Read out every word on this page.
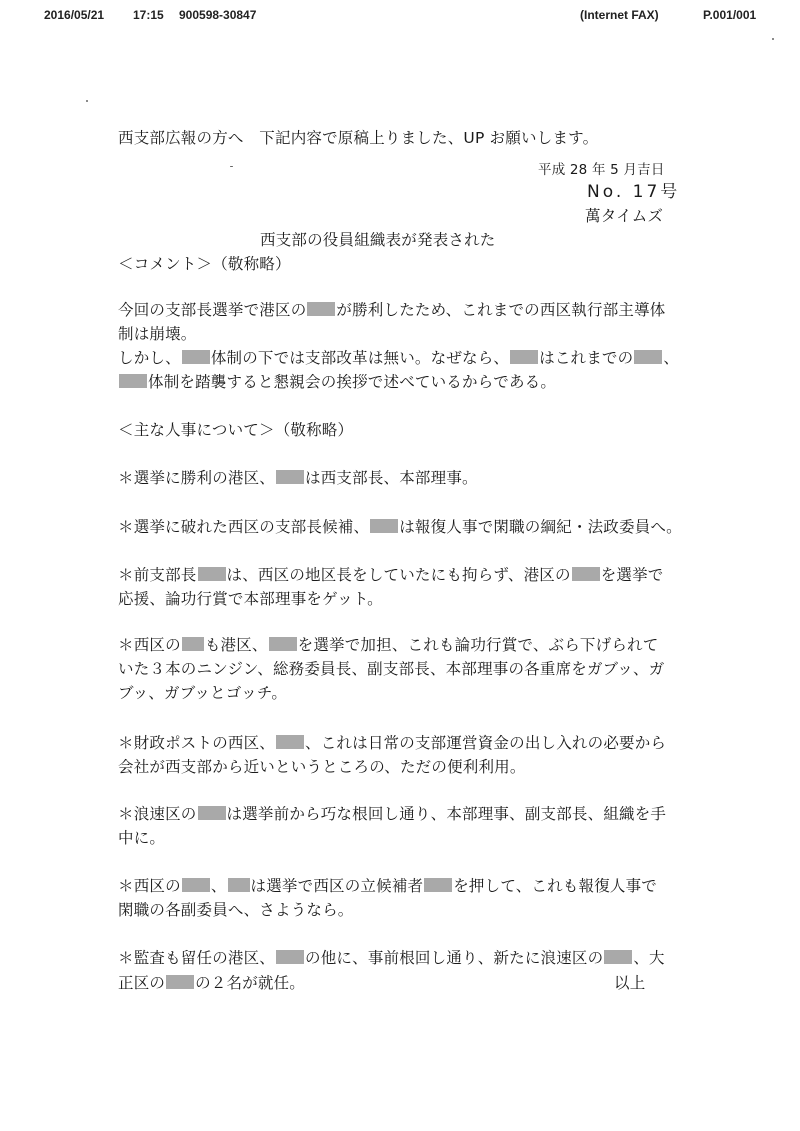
2016/05/21 17:15 900598-30847	(Internet FAX)	P.001/001
西支部広報の方へ　下記内容で原稿上りました、UP お願いします。
平成 28 年 5 月吉日
No. 17号
萬タイムズ
西支部の役員組織表が発表された
＜コメント＞（敬称略）
今回の支部長選挙で港区の が勝利したため、これまでの西区執行部主導体
制は崩壊。
しかし、 体制の下では支部改革は無い。なぜなら、 はこれまでの 、
体制を踏襲すると懇親会の挨拶で述べているからである。
＜主な人事について＞（敬称略）
＊選挙に勝利の港区、 は西支部長、本部理事。
＊選挙に破れた西区の支部長候補、 は報復人事で閑職の綱紀・法政委員へ。
＊前支部長 は、西区の地区長をしていたにも拘らず、港区の を選挙で
応援、論功行賞で本部理事をゲット。
＊西区の も港区、 を選挙で加担、これも論功行賞で、ぶら下げられて
いた３本のニンジン、総務委員長、副支部長、本部理事の各重席をガブッ、ガ
ブッ、ガブッとゴッチ。
＊財政ポストの西区、 、これは日常の支部運営資金の出し入れの必要から
会社が西支部から近いというところの、ただの便利利用。
＊浪速区の は選挙前から巧な根回し通り、本部理事、副支部長、組織を手
中に。
＊西区の 、 は選挙で西区の立候補者 を押して、これも報復人事で
閑職の各副委員へ、さようなら。
＊監査も留任の港区、 の他に、事前根回し通り、新たに浪速区の 、大
正区の の２名が就任。	以上
